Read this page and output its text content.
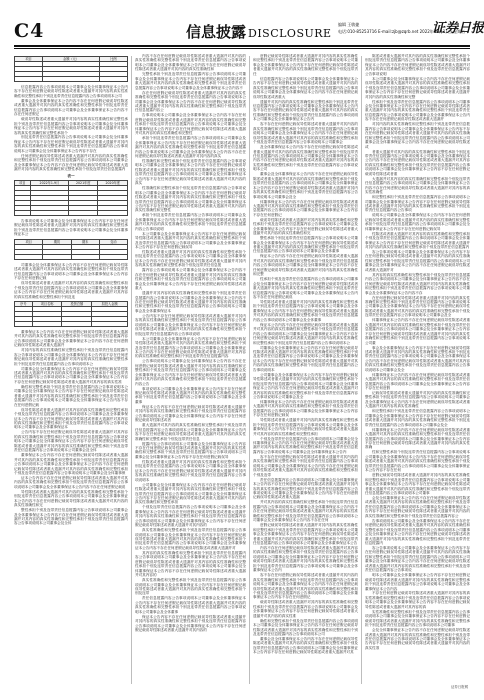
C4	信息披露 DISCLOSURE
编辑 王敏捷
电话:010-85253716 E-mail:zjb@zqrb.net 2022年11月11日 星期五
证券日报
项目	金额（元）	比例

信息披露内容公告事项说明本公司董事会及全体董事保证本公告内容不存在任何虚假记载误导性陈述或者重大遗漏并对其内容的真实性准确性和完整性承担个别及连带责任信息披露内容公告事项说明本公司

董事会及全体董事保证本公告内容不存在任何虚假记载误导性陈述或者重大遗漏并对其内容的真实性准确性和完整性承担个别及连带责任信息披露内容公告事项说明本公司董事会及全体董事保证本公告内容不存在任何虚假记

载误导性陈述或者重大遗漏并对其内容的真实性准确性和完整性承担个别及连带责任信息披露内容公告事项说明本公司董事会及全体董事保证本公告内容不存在任何虚假记载误导性陈述或者重大遗漏并对其内容的真实性准确性和完整性承担个

别及连带责任信息披露内容公告事项说明本公司董事会及全体董事保证本公告内容不存在任何虚假记载误导性陈述或者重大遗漏并对其内容的真实性准确性和完整性承担个别及连带责任信息披露内容公告事项说明本公司董事会及全体董事保证本公告内容不存在

任何虚假记载误导性陈述或者重大遗漏并对其内容的真实性准确性和完整性承担个别及连带责任信息披露内容公告事项说明本公司董事会及全体董事保证本公告内容不存在任何虚假记载误导性陈述或者重大遗漏并对其内容的真实性准确性和完整性承担个别及连带责任信息披露内

表一
项目	2022年1-9月	2021年度	2020年度

告事项说明本公司董事会及全体董事保证本公告内容不存在任何虚假记载误导性陈述或者重大遗漏并对其内容的真实性准确性和完整性承担个别及连带责任信息披露内容公告事项说明本公司董事会及全体董事保证本公

项目	期初	期末	变动

司董事会及全体董事保证本公告内容不存在任何虚假记载误导性陈述或者重大遗漏并对其内容的真实性准确性和完整性承担个别及连带责任信息披露内容公告事项说明本公司董事会及全体董事保证本公告内容不存在任何虚假记载

误导性陈述或者重大遗漏并对其内容的真实性准确性和完整性承担个别及连带责任信息披露内容公告事项说明本公司董事会及全体董事保证本公告内容不存在任何虚假记载误导性陈述或者重大遗漏并对其内容的真实性准确性和完整性承担个别及连

序号	项目名称	投资总额	拟投入金额

董事保证本公告内容不存在任何虚假记载误导性陈述或者重大遗漏并对其内容的真实性准确性和完整性承担个别及连带责任信息披露内容公告事项说明本公司董事会及全体董事保证本公告内容不存在任何虚假记载误导性陈述或者重大遗漏并

对其内容的真实性准确性和完整性承担个别及连带责任信息披露内容公告事项说明本公司董事会及全体董事保证本公告内容不存在任何虚假记载误导性陈述或者重大遗漏并对其内容的真实性准确性和完整性承担个别及连带责任信息披露内容公告事项说明本公

司董事会及全体董事保证本公告内容不存在任何虚假记载误导性陈述或者重大遗漏并对其内容的真实性准确性和完整性承担个别及连带责任信息披露内容公告事项说明本公司董事会及全体董事保证本公告内容不存在任何虚假记载误导性陈述或者重大遗漏并对其内容的真实性准

确性和完整性承担个别及连带责任信息披露内容公告事项说明本公司董事会及全体董事保证本公告内容不存在任何虚假记载误导性陈述或者重大遗漏并对其内容的真实性准确性和完整性承担个别及连带责任信息披露内容公告事项说明本公司董事会及全体董事保证本公告内容不存在任何虚假记载

误导性陈述或者重大遗漏并对其内容的真实性准确性和完整性承担个别及连带责任信息披露内容公告事项说明本公司董事会及全体董事保证本公告内容不存在任何虚假记载误导性陈述或者重大遗漏并对其内容的真实性准确性和完整性承担个别及连带责任信息披露内容公告事项说明本公司董事会及全体董事保证本

公告内容不存在任何虚假记载误导性陈述或者重大遗漏并对其内容的真实性准确性和完整性承担个别及连带责任信息披露内容公告事项说明本公司董事会及全体董事保证本公告内容不存在任何虚假记载误导性陈述或者重大遗漏并对其内容的真实性准确性和完整性承担个别及连带责任信息披露内容公告事项说明本公司董事会及全体

董事保证本公告内容不存在任何虚假记载误导性陈述或者重大遗漏并对其内容的真实性准确性和完整性承担个别及连带责任信息披露内容公告事项说明本公司董事会及全体董事保证本公告内容不存在任何虚假记载误导性陈述或者重大遗漏并对其内容的真实性准确性和完整性承担个别及连带责任信息披露内容公告事项说明本公司董事会及全体董事保

证本公告内容不存在任何虚假记载误导性陈述或者重大遗漏并对其内容的真实性准确性和完整性承担个别及连带责任信息披露内容公告事项说明本公司董事会及全体董事保证本公告内容不存在任何虚假记载误

导性陈述或者重大遗漏并对其内容的真实性准确性和完整性承担个别及连带责任信息披露内容公告事项说明本公司董事会及全体董事保证本公告内容不存在任何虚假记载误导性陈述或者重大遗漏并对其内容的真实性准确性和完

整性承担个别及连带责任信息披露内容公告事项说明本公司董事会及全体董事保证本公告内容不存在任何虚假记载误导性陈述或者重大遗漏并对其内容的真实性准确性和完整性承担个别及连带责任信息披露内容公告事项说明本公司董事会及全体

内容不存在任何虚假记载误导性陈述或者重大遗漏并对其内容的真实性准确性和完整性承担个别及连带责任信息披露内容公告事项说明本公司董事会及全体董事保证本公告内容不存在任何虚假记载误导性陈述或者重大遗漏并对其内容的真实性准确性和

完整性承担个别及连带责任信息披露内容公告事项说明本公司董事会及全体董事保证本公告内容不存在任何虚假记载误导性陈述或者重大遗漏并对其内容的真实性准确性和完整性承担个别及连带责任信息披露内容公告事项说明本公司董事会及全体董事保证本公告内容不

存在任何虚假记载误导性陈述或者重大遗漏并对其内容的真实性准确性和完整性承担个别及连带责任信息披露内容公告事项说明本公司董事会及全体董事保证本公告内容不存在任何虚假记载误导性陈述或者重大遗漏并对其内容的真实性准确性和完整性承担个别及连带责任信息披露内容公

告事项说明本公司董事会及全体董事保证本公告内容不存在任何虚假记载误导性陈述或者重大遗漏并对其内容的真实性准确性和完整性承担个别及连带责任信息披露内容公告事项说明本公司董事会及全体董事保证本公告内容不存在任何虚假记载误导性陈述或者重大遗漏并对其内容的真实性准确性和完整性

承担个别及连带责任信息披露内容公告事项说明本公司董事会及全体董事保证本公告内容不存在任何虚假记载误导性陈述或者重大遗漏并对其内容的真实性准确性和完整性承担个别及连带责任信息披露内容公告事项说明本公司董事会及全体董事保证本公告内容不存在任何虚假记载误导性陈述或者重大遗漏并对其内容的真实

性准确性和完整性承担个别及连带责任信息披露内容公告事项说明本公司董事会及全体董事保证本公告内容不存在任何虚假记载误导性陈述或者重大遗漏并对其内容的真实性准确性和完整性承担个别及连带责任信息披露内容公告事项说明本公司董事会及全体董事保证本公告内容不存在任何虚假记载误导性陈述或者重大遗漏并对其内容的真实

性准确性和完整性承担个别及连带责任信息披露内容公告事项说明本公司董事会及全体董事保证本公告内容不存在任何虚假记载误导性陈述或者重大遗漏并对其内容的真实性准确性和完整性承担个别及连带责任信息披露内容公告事项说明本公司董事会及全体董事保证本公告内容不存在任何虚假记载误导性陈述或者重大遗漏并对其内容的真实性准确性和完整性

承担个别及连带责任信息披露内容公告事项说明本公司董事会及全体董事保证本公告内容不存在任何虚假记载误导性陈述或者重大遗漏并对其内容的真实性准确性和完整性承担个别及连带责任信息披露内容公告事项说明

本公司董事会及全体董事保证本公告内容不存在任何虚假记载误导性陈述或者重大遗漏并对其内容的真实性准确性和完整性承担个别及连带责任信息披露内容公告事项说明本公司董事会及全体董事保证本公告内容不存在任何虚假记载误导

性陈述或者重大遗漏并对其内容的真实性准确性和完整性承担个别及连带责任信息披露内容公告事项说明本公司董事会及全体董事保证本公告内容不存在任何虚假记载误导性陈述或者重大遗漏并对其内容的真实性准确性和完整性承担个别及连带责任信息披

露内容公告事项说明本公司董事会及全体董事保证本公告内容不存在任何虚假记载误导性陈述或者重大遗漏并对其内容的真实性准确性和完整性承担个别及连带责任信息披露内容公告事项说明本公司董事会及全体董事保证本公告内容不存在任何虚假记载误导性陈述或者重大

遗漏并对其内容的真实性准确性和完整性承担个别及连带责任信息披露内容公告事项说明本公司董事会及全体董事保证本公告内容不存在任何虚假记载误导性陈述或者重大遗漏并对其内容的真实性准确性和完整性承担个别及连带责任信息披露内容公告事项说明本公司董事会及全体董事保证本

公告内容不存在任何虚假记载误导性陈述或者重大遗漏并对其内容的真实性准确性和完整性承担个别及连带责任信息披露内容公告事项说明本公司董事会及全体董事保证本公告内容不存在任何虚假记载误导性陈述或者重大遗漏并对其内容的真实性准确性和完整性承担个别及连带责任信息披露内容公告事项说明

本公司董事会及全体董事保证本公告内容不存在任何虚假记载误导性陈述或者重大遗漏并对其内容的真实性准确性和完整性承担个别及连带责任信息披露内容公告事项说明本公司董事会及全体董事保证本公告内容不存在任何虚假记载误导性陈述或者重大遗漏并对其内容的真实性准确性和完整性承担个别及连带责任信息披露内容

公告事项说明本公司董事会及全体董事保证本公告内容不存在任何虚假记载误导性陈述或者重大遗漏并对其内容的真实性准确性和完整性承担个别及连带责任信息披露内容公告事项说明本公司董事会及全体董事保证本公告内容不存在任何虚假记载误导性陈述或者重大遗漏并对其内容的真实性准确性和完整性承担个别及连带责任信息披露内容公告

事项说明本公司董事会及全体董事保证本公告内容不存在任何虚假记载误导性陈述或者重大遗漏并对其内容的真实性准确性和完整性承担个别及连带责任信息披露内容公告事项说明本公司董事会及全体董事

保证本公告内容不存在任何虚假记载误导性陈述或者重大遗漏并对其内容的真实性准确性和完整性承担个别及连带责任信息披露内容公告事项说明本公司董事会及全体董事保证本公告内容不存在任何虚假记载误导性陈述或者

重大遗漏并对其内容的真实性准确性和完整性承担个别及连带责任信息披露内容公告事项说明本公司董事会及全体董事保证本公告内容不存在任何虚假记载误导性陈述或者重大遗漏并对其内容的真实性准确性和完整性承担个别及连带责任信息

披露内容公告事项说明本公司董事会及全体董事保证本公告内容不存在任何虚假记载误导性陈述或者重大遗漏并对其内容的真实性准确性和完整性承担个别及连带责任信息披露内容公告事项说明本公司董事会及全体董事保证本公告内容不存在任何虚假记载误导

性陈述或者重大遗漏并对其内容的真实性准确性和完整性承担个别及连带责任信息披露内容公告事项说明本公司董事会及全体董事保证本公告内容不存在任何虚假记载误导性陈述或者重大遗漏并对其内容的真实性准确性和完整性承担个别及连带责任信息披露内容公告事项说明本

公司董事会及全体董事保证本公告内容不存在任何虚假记载误导性陈述或者重大遗漏并对其内容的真实性准确性和完整性承担个别及连带责任信息披露内容公告事项说明本公司董事会及全体董事保证本公告内容不存在任何虚假记载误导性陈述或者重大遗漏并对其内容的真实性准确性和完整性承担

个别及连带责任信息披露内容公告事项说明本公司董事会及全体董事保证本公告内容不存在任何虚假记载误导性陈述或者重大遗漏并对其内容的真实性准确性和完整性承担个别及连带责任信息披露内容公告事项说明本公司董事会及全体董事保证本公告内容不存在任何虚假记载误导性陈述或者重大遗漏并对其内容的

真实性准确性和完整性承担个别及连带责任信息披露内容公告事项说明本公司董事会及全体董事保证本公告内容不存在任何虚假记载误导性陈述或者重大遗漏并对其内容的真实性准确性和完整性承担个别及连带责任信息披露内容公告事项说明本公司董事会及全体董事保证本公告内容不存在任何虚假记载误导性陈述或者重大遗漏并对

其内容的真实性准确性和完整性承担个别及连带责任信息披露内容公告事项说明本公司董事会及全体董事保证本公告内容不存在任何虚假记载误导性陈述或者重大遗漏并对其内容的真实性准确性和完整性承担个别及连带责任信息披露内容公告事项说明本公司董事会及全体董事保证本公告内容不存在任何虚假记载误导性陈述或者重大遗漏并对其内容的

真实性准确性和完整性承担个别及连带责任信息披露内容公告事项说明本公司董事会及全体董事保证本公告内容不存在任何虚假记载误导性陈述或者重大遗漏并对其内容的真实性准确性和完整性承担个别及连带

责任信息披露内容公告事项说明本公司董事会及全体董事保证本公告内容不存在任何虚假记载误导性陈述或者重大遗漏并对其内容的真实性准确性和完整性承担个别及连带责任信息披露内容公告事项说明本公司董事会及全体董事

保证本公告内容不存在任何虚假记载误导性陈述或者重大遗漏并对其内容的真实性准确性和完整性承担个别及连带责任信息披露内容公告事项说明本公司董事会及全体董事保证本公告内容不存在任何虚假记载误导性陈述或者重大遗漏并对其内容的

虚假记载误导性陈述或者重大遗漏并对其内容的真实性准确性和完整性承担个别及连带责任信息披露内容公告事项说明本公司董事会及全体董事保证本公告内容不存在任何虚假记载误导性陈述或者重大遗漏并对其内容的真实性准确性和完整性承担个别及连带责任

信息披露内容公告事项说明本公司董事会及全体董事保证本公告内容不存在任何虚假记载误导性陈述或者重大遗漏并对其内容的真实性准确性和完整性承担个别及连带责任信息披露内容公告事项说明本公司董事会及全体董事保证本公告内容不存在任何虚假记载误导性陈述或者重大

遗漏并对其内容的真实性准确性和完整性承担个别及连带责任信息披露内容公告事项说明本公司董事会及全体董事保证本公告内容不存在任何虚假记载误导性陈述或者重大遗漏并对其内容的真实性准确性和完整性承担个别及连带责任信息披露内容公告事项说明本公司董事会及全体董事保证本公告内

容不存在任何虚假记载误导性陈述或者重大遗漏并对其内容的真实性准确性和完整性承担个别及连带责任信息披露内容公告事项说明本公司董事会及全体董事保证本公告内容不存在任何虚假记载误导性陈述或者重大遗漏并对其内容的真实性准确性和完整性承担个别及连带责任信息披露内容公告事项说明本公司董事会

及全体董事保证本公告内容不存在任何虚假记载误导性陈述或者重大遗漏并对其内容的真实性准确性和完整性承担个别及连带责任信息披露内容公告事项说明本公司董事会及全体董事保证本公告内容不存在任何虚假记载误导性陈述或者重大遗漏并对其内容的真实性准确性和完整性承担个别及连带责任信息披露内容公告事项说明本公司

董事会及全体董事保证本公告内容不存在任何虚假记载误导性陈述或者重大遗漏并对其内容的真实性准确性和完整性承担个别及连带责任信息披露内容公告事项说明本公司董事会及全体董事保证本公告内容不存在任何虚假记载误导性陈述或者重大遗漏并对其内容的真实性准确性和完整性承担个别及连带责任信息披露内容公告事项说明本公司董事会及全

体董事保证本公告内容不存在任何虚假记载误导性陈述或者重大遗漏并对其内容的真实性准确性和完整性承担个别及连带责任信息披露内容公告事项说明本公司董事会及全体董事保证本公告内容不存在任何虚假记

载误导性陈述或者重大遗漏并对其内容的真实性准确性和完整性承担个别及连带责任信息披露内容公告事项说明本公司董事会及全体董事保证本公告内容不存在任何虚假记载误导性陈述或者重大遗漏并对其内容的真实性准确性和完

整性承担个别及连带责任信息披露内容公告事项说明本公司董事会及全体董事保证本公告内容不存在任何虚假记载误导性陈述或者重大遗漏并对其内容的真实性准确性和完整性承担个别及连带责任信息披露内容公告事项说明本公司董事会及全体董事

保证本公告内容不存在任何虚假记载误导性陈述或者重大遗漏并对其内容的真实性准确性和完整性承担个别及连带责任信息披露内容公告事项说明本公司董事会及全体董事保证本公告内容不存在任何虚假记载误导性陈述或者重大遗漏并对其内容的真实性准确性和完整

性承担个别及连带责任信息披露内容公告事项说明本公司董事会及全体董事保证本公告内容不存在任何虚假记载误导性陈述或者重大遗漏并对其内容的真实性准确性和完整性承担个别及连带责任信息披露内容公告事项说明本公司董事会及全体董事保证本公告内容不存在任何虚假记载误

导性陈述或者重大遗漏并对其内容的真实性准确性和完整性承担个别及连带责任信息披露内容公告事项说明本公司董事会及全体董事保证本公告内容不存在任何虚假记载误导性陈述或者重大遗漏并对其内容的真实性准确性和完整性承担个别及连带责任信息披露内容公告事项说明本公司董事会及全体董事

保证本公告内容不存在任何虚假记载误导性陈述或者重大遗漏并对其内容的真实性准确性和完整性承担个别及连带责任信息披露内容公告事项说明本公司董事会及全体董事保证本公告内容不存在任何虚假记载误导性陈述或者重大遗漏并对其内容的真实性准确性和完整性承担个别及连带责任信息披露内容公告事项说明本公

司董事会及全体董事保证本公告内容不存在任何虚假记载误导性陈述或者重大遗漏并对其内容的真实性准确性和完整性承担个别及连带责任信息披露内容公告事项说明本公司董事会及全体董事保证本公告内容不存在任何虚假记载误导性陈述或者重大遗漏并对其内容的真实性准确性和完整性承担个别及连带责任信息披露内容公告事项说明本

公司董事会及全体董事保证本公告内容不存在任何虚假记载误导性陈述或者重大遗漏并对其内容的真实性准确性和完整性承担个别及连带责任信息披露内容公告事项说明本公司董事会及全体董事保证本公告内容不存在任何虚假记载误导性陈述或者重大遗漏并对其内容的真实性准确性和完整性承担个别及连带责任信息披露内容公告事项说明本公司董事会及全

体董事保证本公告内容不存在任何虚假记载误导性陈述或者重大遗漏并对其内容的真实性准确性和完整性承担个别及连带责任信息披露内容公告事项说明本公司董事会及全体董事保证本公告内容不存在任何虚假记载误

导性陈述或者重大遗漏并对其内容的真实性准确性和完整性承担个别及连带责任信息披露内容公告事项说明本公司董事会及全体董事保证本公告内容不存在任何虚假记载误导性陈述或者重大遗漏并对其内容的真实性准确性和完整性承担

个别及连带责任信息披露内容公告事项说明本公司董事会及全体董事保证本公告内容不存在任何虚假记载误导性陈述或者重大遗漏并对其内容的真实性准确性和完整性承担个别及连带责任信息披露内容公告事项说明本公司董事会及全体董事保证本公告内

容不存在任何虚假记载误导性陈述或者重大遗漏并对其内容的真实性准确性和完整性承担个别及连带责任信息披露内容公告事项说明本公司董事会及全体董事保证本公告内容不存在任何虚假记载误导性陈述或者重大遗漏并对其内容的真实性准确性和完整性承担个别及连带

责任信息披露内容公告事项说明本公司董事会及全体董事保证本公告内容不存在任何虚假记载误导性陈述或者重大遗漏并对其内容的真实性准确性和完整性承担个别及连带责任信息披露内容公告事项说明本公司董事会及全体董事保证本公告内容不存在任何虚假记载误导性陈述或者重大遗漏

并对其内容的真实性准确性和完整性承担个别及连带责任信息披露内容公告事项说明本公司董事会及全体董事保证本公告内容不存在任何虚假记载误导性陈述或者重大遗漏并对其内容的真实性准确性和完整性承担个别及连带责任信息披露内容公告事项说明本公司董事会及全体董事保证本公告内容不存在任何

虚假记载误导性陈述或者重大遗漏并对其内容的真实性准确性和完整性承担个别及连带责任信息披露内容公告事项说明本公司董事会及全体董事保证本公告内容不存在任何虚假记载误导性陈述或者重大遗漏并对其内容的真实性准确性和完整性承担个别及连带责任信息披露内容公告事项说明本公司董事会及全体董事保证本公告

内容不存在任何虚假记载误导性陈述或者重大遗漏并对其内容的真实性准确性和完整性承担个别及连带责任信息披露内容公告事项说明本公司董事会及全体董事保证本公告内容不存在任何虚假记载误导性陈述或者重大遗漏并对其内容的真实性准确性和完整性承担个别及连带责任信息披露内容公告事项说明本公司董事会及全体董事保证本公告内

容不存在任何虚假记载误导性陈述或者重大遗漏并对其内容的真实性准确性和完整性承担个别及连带责任信息披露内容公告事项说明本公司董事会及全体董事保证本公告内容不存在任何虚假记载误导性陈述或者重大遗漏并对其内容的真实性准确性和完整性承担个别及连带责任信息披露内容公告事项说明本公司董事会及全体董事保证本公告内容不存在任何虚假记

载误导性陈述或者重大遗漏并对其内容的真实性准确性和完整性承担个别及连带责任信息披露内容公告事项说明本公司董事会及全体董事保证本公告内容不存在任何虚假记载误导性陈述或者重大遗漏并对其内容的真实性准

确性和完整性承担个别及连带责任信息披露内容公告事项说明本公司董事会及全体董事保证本公告内容不存在任何虚假记载误导性陈述或者重大遗漏并对其内容的真实性准确性和完整性承担个别及连带责任信息披露内容公告事项说明本公司

董事会及全体董事保证本公告内容不存在任何虚假记载误导性陈述或者重大遗漏并对其内容的真实性准确性和完整性承担个别及连带责任信息披露内容公告事项说明本公司董事会及全体董事保证本公告内容不存在任何虚假记载误导性陈述或者重大遗漏并对其

陈述或者重大遗漏并对其内容的真实性准确性和完整性承担个别及连带责任信息披露内容公告事项说明本公司董事会及全体董事保证本公告内容不存在任何虚假记载误导性陈述或者重大遗漏并对其内容的真实性准确性和完整性承担个别及连带责任信息披露内容公告事项说明

本公司董事会及全体董事保证本公告内容不存在任何虚假记载误导性陈述或者重大遗漏并对其内容的真实性准确性和完整性承担个别及连带责任信息披露内容公告事项说明本公司董事会及全体董事保证本公告内容不存在任何虚假记载误导性陈述或者重大遗漏并对其内容的真实性准确性和完整

性承担个别及连带责任信息披露内容公告事项说明本公司董事会及全体董事保证本公告内容不存在任何虚假记载误导性陈述或者重大遗漏并对其内容的真实性准确性和完整性承担个别及连带责任信息披露内容公告事项说明本公司董事会及全体董事保证本公告内容不存在任何虚假记载误导性陈述或者重大遗漏并

对其内容的真实性准确性和完整性承担个别及连带责任信息披露内容公告事项说明本公司董事会及全体董事保证本公告内容不存在任何虚假记载误导性陈述或者重大遗漏并对其内容的真实性准确性和完整性承担个别及连带责任信息披露内容公告事项说明本公司董事会及全体董事保证本公告内容不存在任何虚假记载误导性陈述或

者重大遗漏并对其内容的真实性准确性和完整性承担个别及连带责任信息披露内容公告事项说明本公司董事会及全体董事保证本公告内容不存在任何虚假记载误导性陈述或者重大遗漏并对其内容的真实性准确性和完整性承担个别及连带责任信息披露内容公告事项说明本公司董事会及全体董事保证本公告内容不存在任何虚假记载误导性陈述或者重

大遗漏并对其内容的真实性准确性和完整性承担个别及连带责任信息披露内容公告事项说明本公司董事会及全体董事保证本公告内容不存在任何虚假记载误导性陈述或者重大遗漏并对其内容的真实性准确性

和完整性承担个别及连带责任信息披露内容公告事项说明本公司董事会及全体董事保证本公告内容不存在任何虚假记载误导性陈述或者重大遗漏并对其内容的真实性准确性和完整性承担个别及连带责任信息披露内容公告事项

说明本公司董事会及全体董事保证本公告内容不存在任何虚假记载误导性陈述或者重大遗漏并对其内容的真实性准确性和完整性承担个别及连带责任信息披露内容公告事项说明本公司董事会及全体董事保证本公告内容不存在任何虚假记载误导

性陈述或者重大遗漏并对其内容的真实性准确性和完整性承担个别及连带责任信息披露内容公告事项说明本公司董事会及全体董事保证本公告内容不存在任何虚假记载误导性陈述或者重大遗漏并对其内容的真实性准确性和完整性承担个别及连带责任信息披露内

容公告事项说明本公司董事会及全体董事保证本公告内容不存在任何虚假记载误导性陈述或者重大遗漏并对其内容的真实性准确性和完整性承担个别及连带责任信息披露内容公告事项说明本公司董事会及全体董事保证本公告内容不存在任何虚假记载误导性陈述或者重大遗漏并对

其内容的真实性准确性和完整性承担个别及连带责任信息披露内容公告事项说明本公司董事会及全体董事保证本公告内容不存在任何虚假记载误导性陈述或者重大遗漏并对其内容的真实性准确性和完整性承担个别及连带责任信息披露内容公告事项说明本公司董事会及全体董事保证本公告内容不存

在任何虚假记载误导性陈述或者重大遗漏并对其内容的真实性准确性和完整性承担个别及连带责任信息披露内容公告事项说明本公司董事会及全体董事保证本公告内容不存在任何虚假记载误导性陈述或者重大遗漏并对其内容的真实性准确性和完整性承担个别及连带责任信息披露内容公告事项说明本公司董事会及全

体董事保证本公告内容不存在任何虚假记载误导性陈述或者重大遗漏并对其内容的真实性准确性和完整性承担个别及连带责任信息披露内容公告事项说明本公司董事会及全体董事保证本公告内容不存在任何虚假记载误导性陈述或者重大遗漏并对其内容的真实性准确性和完整性承担个别及连带责任信息披露内容公告事项说明本公司董

事会及全体董事保证本公告内容不存在任何虚假记载误导性陈述或者重大遗漏并对其内容的真实性准确性和完整性承担个别及连带责任信息披露内容公告事项说明本公司董事会及全体董事保证本公告内容不存在任何虚假记载误导性陈述或者重大遗漏并对其内容的真实性准确性和完整性承担个别及连带责任信息披露内容公告事项说明本公司董事会及全

体董事保证本公告内容不存在任何虚假记载误导性陈述或者重大遗漏并对其内容的真实性准确性和完整性承担个别及连带责任信息披露内容公告事项说明本公司董事会及全体董事保证本公告内容不存在任何虚假

记载误导性陈述或者重大遗漏并对其内容的真实性准确性和完整性承担个别及连带责任信息披露内容公告事项说明本公司董事会及全体董事保证本公告内容不存在任何虚假记载误导性陈述或者重大遗漏并对其内容的真实性准确性

和完整性承担个别及连带责任信息披露内容公告事项说明本公司董事会及全体董事保证本公告内容不存在任何虚假记载误导性陈述或者重大遗漏并对其内容的真实性准确性和完整性承担个别及连带责任信息披露内容公告事项说明本公司董事会及全

体董事保证本公告内容不存在任何虚假记载误导性陈述或者重大遗漏并对其内容的真实性准确性和完整性承担个别及连带责任信息披露内容公告事项说明本公司董事会及全体董事保证本公告内容不存在任何虚假记载误导性陈述或者重大遗漏并对其内容的真实性准确

性和完整性承担个别及连带责任信息披露内容公告事项说明本公司董事会及全体董事保证本公告内容不存在任何虚假记载误导性陈述或者重大遗漏并对其内容的真实性准确性和完整性承担个别及连带责任信息披露内容公告事项说明本公司董事会及全体董事保证本公告内容不存在任何

虚假记载误导性陈述或者重大遗漏并对其内容的真实性准确性和完整性承担个别及连带责任信息披露内容公告事项说明本公司董事会及全体董事保证本公告内容不存在任何虚假记载误导性陈述或者重大遗漏并对其内容的真实性准确性和完整性承担个别及连带责任信息披露内容公告事项说明本公司董事

会及全体董事保证本公告内容不存在任何虚假记载误导性陈述或者重大遗漏并对其内容的真实性准确性和完整性承担个别及连带责任信息披露内容公告事项说明本公司董事会及全体董事保证本公告内容不存在任何虚假记载误导性陈述或者重大遗漏并对其内容的真实性准确性和完整性承担个别及连带责任信息披露内容公

告事项说明本公司董事会及全体董事保证本公告内容不存在任何虚假记载误导性陈述或者重大遗漏并对其内容的真实性准确性和完整性承担个别及连带责任信息披露内容公告事项说明本公司董事会及全体董事保证本公告内容不存在任何虚假记载误导性陈述或者重大遗漏并对其内容的真实性准确性和完整性承担个别及连带责任信息披露内

容公告事项说明本公司董事会及全体董事保证本公告内容不存在任何虚假记载误导性陈述或者重大遗漏并对其内容的真实性准确性和完整性承担个别及连带责任信息披露内容公告事项说明本公司董事会及全体董事保证本公告内容不存在任何虚假记载误导性陈述或者重大遗漏并对其内容的真实性准确性和完整性承担个别及连带责任信息披露内容公告事项说

明本公司董事会及全体董事保证本公告内容不存在任何虚假记载误导性陈述或者重大遗漏并对其内容的真实性准确性和完整性承担个别及连带责任信息披露内容公告事项说明本公司董事会及全体董事保证本公告内容

不存在任何虚假记载误导性陈述或者重大遗漏并对其内容的真实性准确性和完整性承担个别及连带责任信息披露内容公告事项说明本公司董事会及全体董事保证本公告内容不存在任何虚假记载误导性陈述或者重大遗漏并对其内容的真

实性准确性和完整性承担个别及连带责任信息披露内容公告事项说明本公司董事会及全体董事保证本公告内容不存在任何虚假记载误导性陈述或者重大遗漏并对其内容的真实性准确性和完整性承担个别及连带责任信息披露内容公告事项说明本公司董事

会及全体董事保证本公告内容不存在任何虚假记载误导性陈述或者重大遗漏并对其内容的真实性准确性和完整性承担个别及连带责任信息披露内容公告事项说明本公司董事会及全体董事保证本公告内容不存在任何虚假记载误导性陈述或者重大遗漏并对其内容的真实性准

证券日报网
